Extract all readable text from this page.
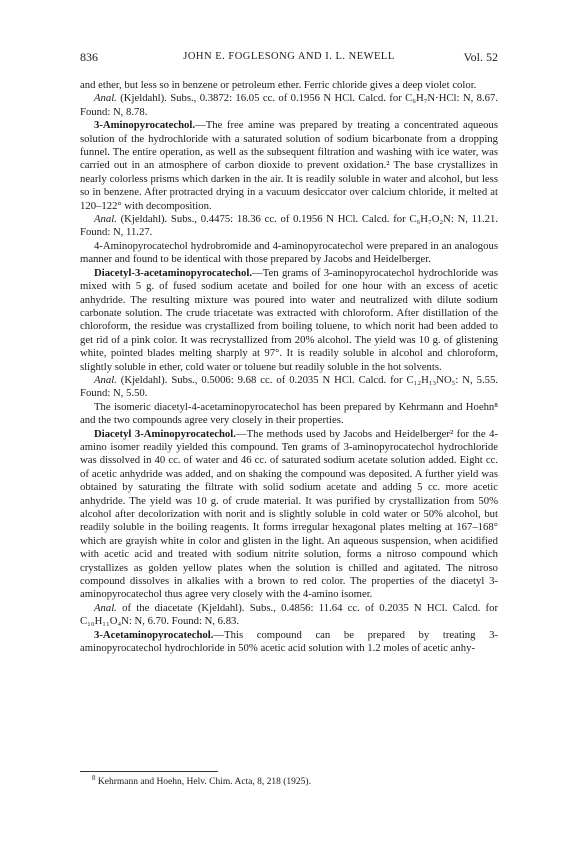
836	JOHN E. FOGLESONG AND I. L. NEWELL	Vol. 52

and ether, but less so in benzene or petroleum ether. Ferric chloride gives a deep violet color.

Anal. (Kjeldahl). Subs., 0.3872: 16.05 cc. of 0.1956 N HCl. Calcd. for C₆H₇N·HCl: N, 8.67. Found: N, 8.78.

3-Aminopyrocatechol.—The free amine was prepared by treating a concentrated aqueous solution of the hydrochloride with a saturated solution of sodium bicarbonate from a dropping funnel. The entire operation, as well as the subsequent filtration and washing with ice water, was carried out in an atmosphere of carbon dioxide to prevent oxidation.² The base crystallizes in nearly colorless prisms which darken in the air. It is readily soluble in water and alcohol, but less so in benzene. After protracted drying in a vacuum desiccator over calcium chloride, it melted at 120–122° with decomposition.

Anal. (Kjeldahl). Subs., 0.4475: 18.36 cc. of 0.1956 N HCl. Calcd. for C₆H₇O₂N: N, 11.21. Found: N, 11.27.

4-Aminopyrocatechol hydrobromide and 4-aminopyrocatechol were prepared in an analogous manner and found to be identical with those prepared by Jacobs and Heidelberger.

Diacetyl-3-acetaminopyrocatechol.—Ten grams of 3-aminopyrocatechol hydrochloride was mixed with 5 g. of fused sodium acetate and boiled for one hour with an excess of acetic anhydride. The resulting mixture was poured into water and neutralized with dilute sodium carbonate solution. The crude triacetate was extracted with chloroform. After distillation of the chloroform, the residue was crystallized from boiling toluene, to which norit had been added to get rid of a pink color. It was recrystallized from 20% alcohol. The yield was 10 g. of glistening white, pointed blades melting sharply at 97°. It is readily soluble in alcohol and chloroform, slightly soluble in ether, cold water or toluene but readily soluble in the hot solvents.

Anal. (Kjeldahl). Subs., 0.5006: 9.68 cc. of 0.2035 N HCl. Calcd. for C₁₂H₁₃NO₅: N, 5.55. Found: N, 5.50.

The isomeric diacetyl-4-acetaminopyrocatechol has been prepared by Kehrmann and Hoehn⁸ and the two compounds agree very closely in their properties.

Diacetyl 3-Aminopyrocatechol.—The methods used by Jacobs and Heidelberger² for the 4-amino isomer readily yielded this compound. Ten grams of 3-aminopyrocatechol hydrochloride was dissolved in 40 cc. of water and 46 cc. of saturated sodium acetate solution added. Eight cc. of acetic anhydride was added, and on shaking the compound was deposited. A further yield was obtained by saturating the filtrate with solid sodium acetate and adding 5 cc. more acetic anhydride. The yield was 10 g. of crude material. It was purified by crystallization from 50% alcohol after decolorization with norit and is slightly soluble in cold water or 50% alcohol, but readily soluble in the boiling reagents. It forms irregular hexagonal plates melting at 167–168° which are grayish white in color and glisten in the light. An aqueous suspension, when acidified with acetic acid and treated with sodium nitrite solution, forms a nitroso compound which crystallizes as golden yellow plates when the solution is chilled and agitated. The nitroso compound dissolves in alkalies with a brown to red color. The properties of the diacetyl 3-aminopyrocatechol thus agree very closely with the 4-amino isomer.

Anal. of the diacetate (Kjeldahl). Subs., 0.4856: 11.64 cc. of 0.2035 N HCl. Calcd. for C₁₀H₁₁O₄N: N, 6.70. Found: N, 6.83.

3-Acetaminopyrocatechol.—This compound can be prepared by treating 3-aminopyrocatechol hydrochloride in 50% acetic acid solution with 1.2 moles of acetic anhy-

$^8$ Kehrmann and Hoehn, Helv. Chim. Acta, 8, 218 (1925).
